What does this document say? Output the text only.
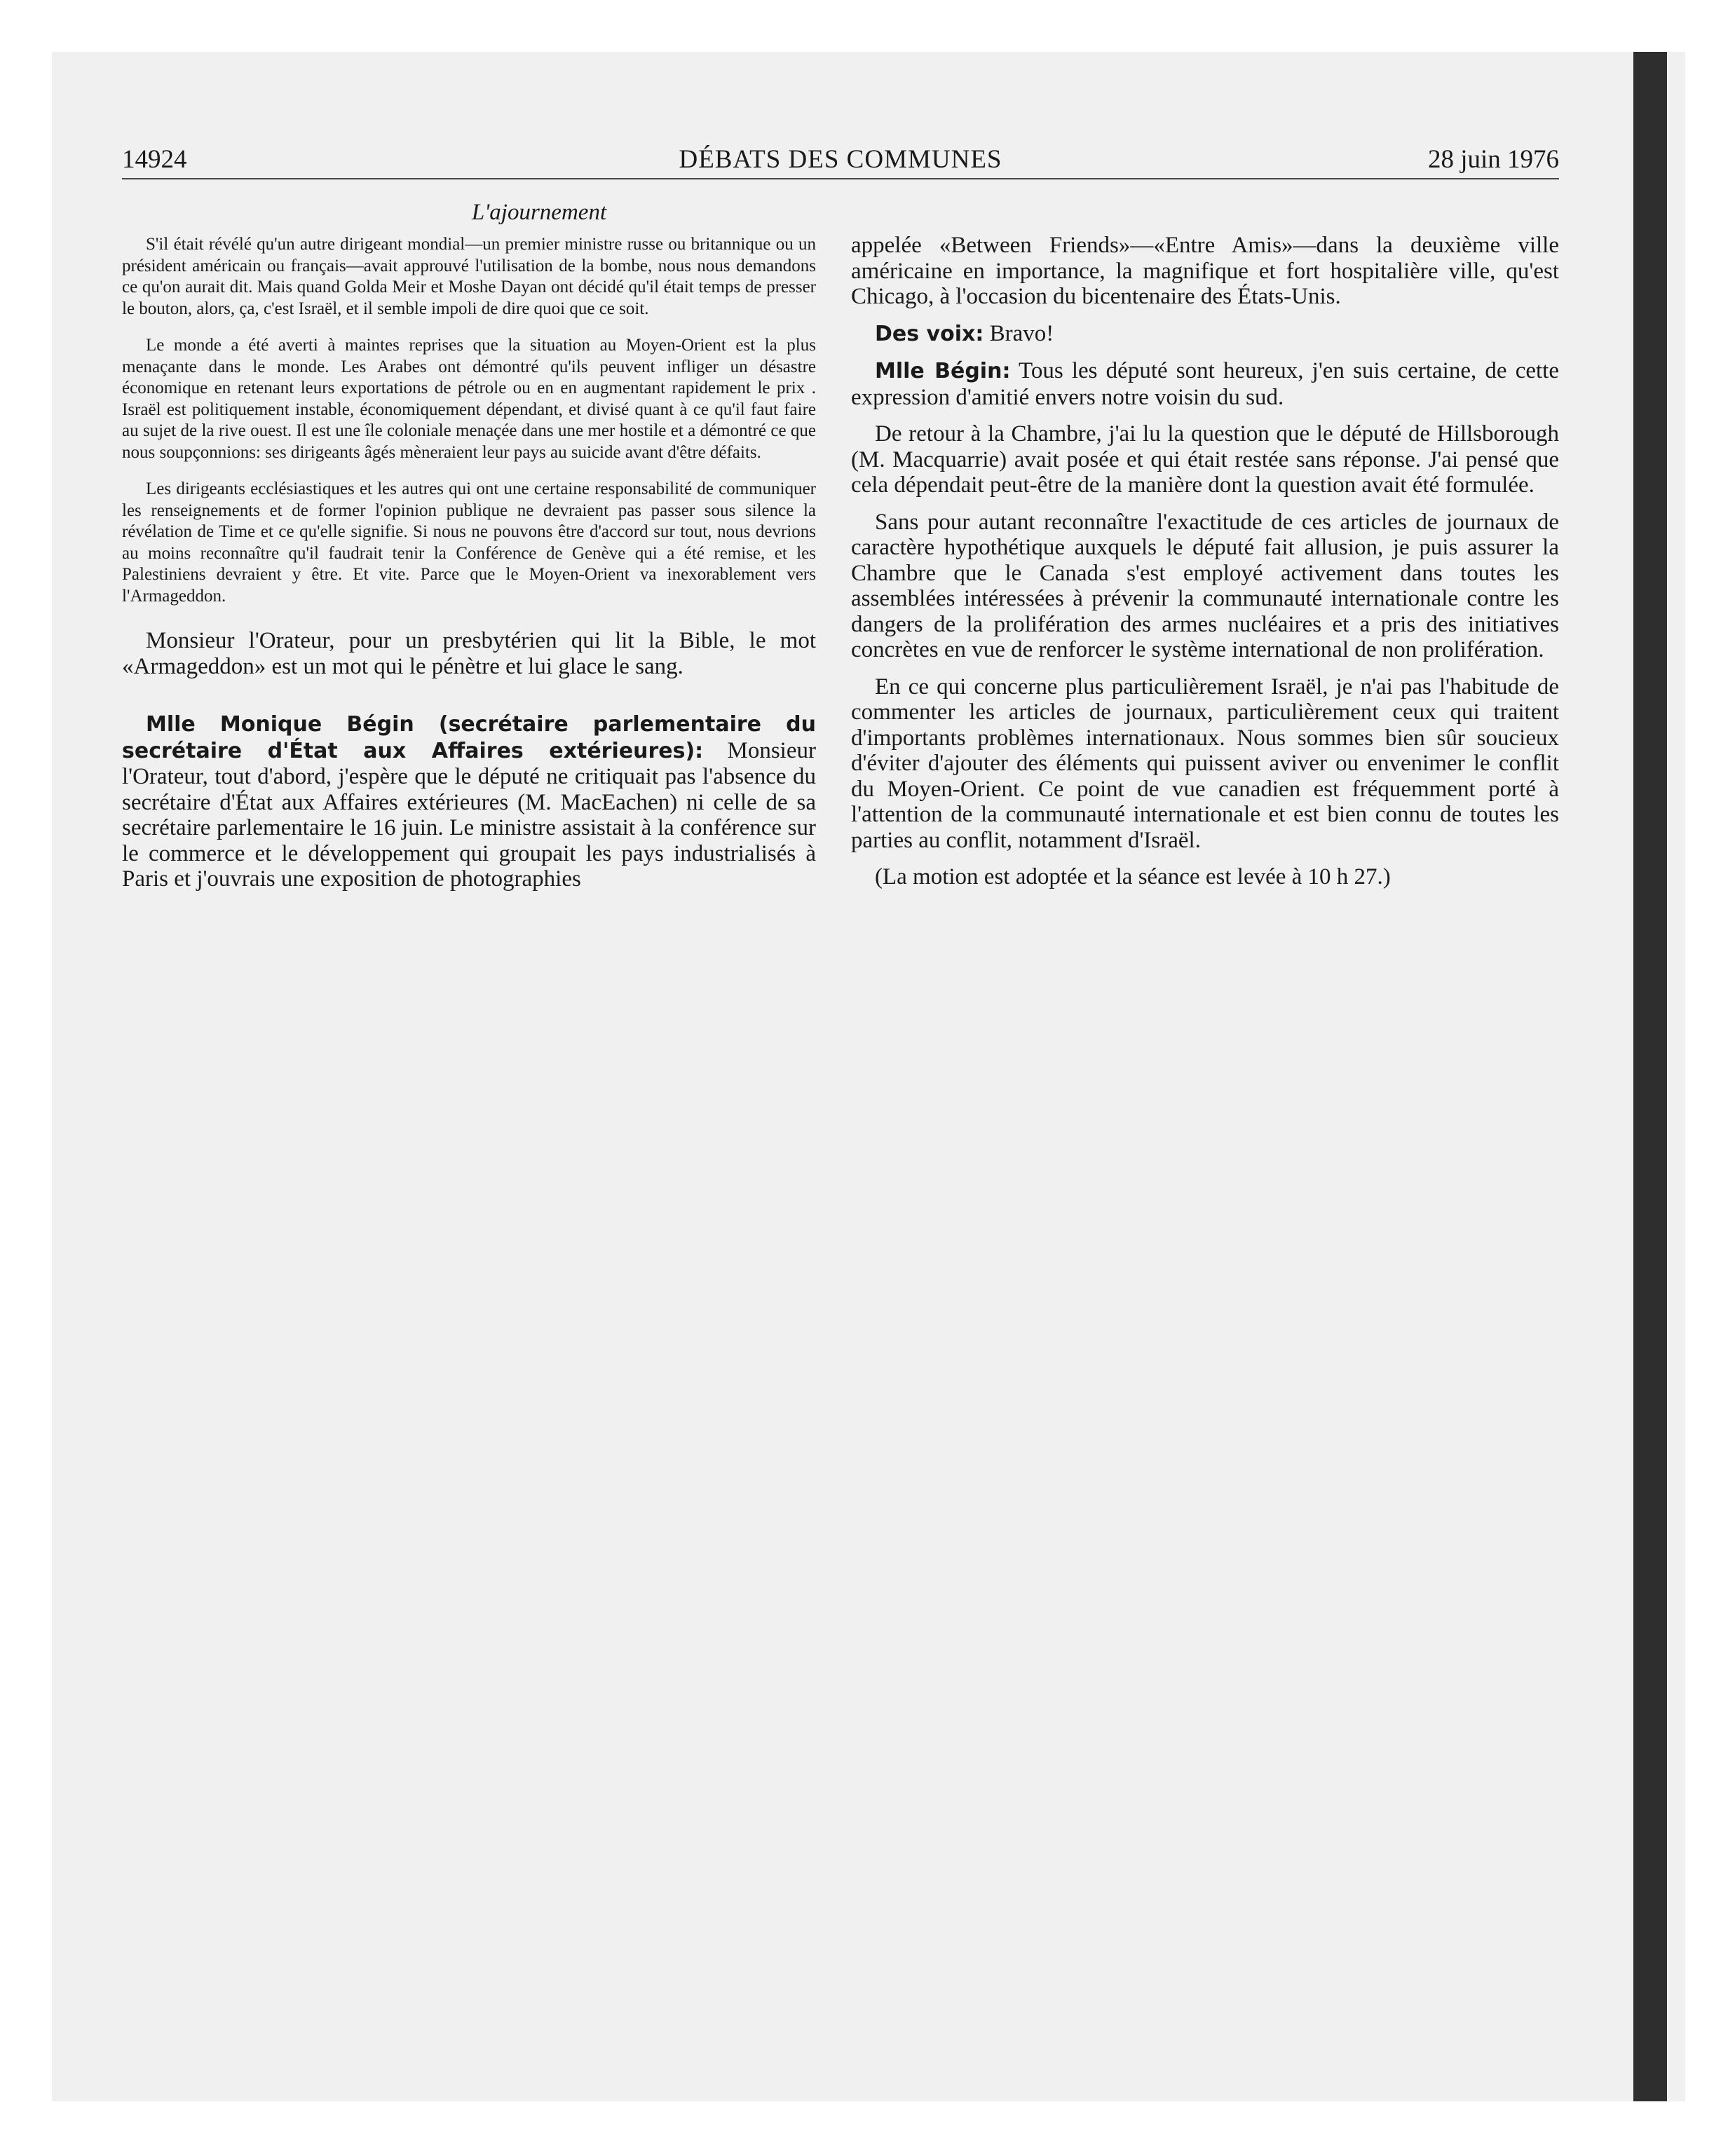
14924	DÉBATS DES COMMUNES	28 juin 1976
L'ajournement

S'il était révélé qu'un autre dirigeant mondial—un premier ministre russe ou britannique ou un président américain ou français—avait approuvé l'utilisation de la bombe, nous nous demandons ce qu'on aurait dit. Mais quand Golda Meir et Moshe Dayan ont décidé qu'il était temps de presser le bouton, alors, ça, c'est Israël, et il semble impoli de dire quoi que ce soit.

Le monde a été averti à maintes reprises que la situation au Moyen-Orient est la plus menaçante dans le monde. Les Arabes ont démontré qu'ils peuvent infliger un désastre économique en retenant leurs exportations de pétrole ou en en augmentant rapidement le prix . Israël est politiquement instable, économiquement dépendant, et divisé quant à ce qu'il faut faire au sujet de la rive ouest. Il est une île coloniale menaçée dans une mer hostile et a démontré ce que nous soupçonnions: ses dirigeants âgés mèneraient leur pays au suicide avant d'être défaits.

Les dirigeants ecclésiastiques et les autres qui ont une certaine responsabilité de communiquer les renseignements et de former l'opinion publique ne devraient pas passer sous silence la révélation de Time et ce qu'elle signifie. Si nous ne pouvons être d'accord sur tout, nous devrions au moins reconnaître qu'il faudrait tenir la Conférence de Genève qui a été remise, et les Palestiniens devraient y être. Et vite. Parce que le Moyen-Orient va inexorablement vers l'Armageddon.

Monsieur l'Orateur, pour un presbytérien qui lit la Bible, le mot «Armageddon» est un mot qui le pénètre et lui glace le sang.

Mlle Monique Bégin (secrétaire parlementaire du secrétaire d'État aux Affaires extérieures): Monsieur l'Orateur, tout d'abord, j'espère que le député ne critiquait pas l'absence du secrétaire d'État aux Affaires extérieures (M. MacEachen) ni celle de sa secrétaire parlementaire le 16 juin. Le ministre assistait à la conférence sur le commerce et le développement qui groupait les pays industrialisés à Paris et j'ouvrais une exposition de photographies

appelée «Between Friends»—«Entre Amis»—dans la deuxième ville américaine en importance, la magnifique et fort hospitalière ville, qu'est Chicago, à l'occasion du bicentenaire des États-Unis.

Des voix: Bravo!

Mlle Bégin: Tous les député sont heureux, j'en suis certaine, de cette expression d'amitié envers notre voisin du sud.

De retour à la Chambre, j'ai lu la question que le député de Hillsborough (M. Macquarrie) avait posée et qui était restée sans réponse. J'ai pensé que cela dépendait peut-être de la manière dont la question avait été formulée.

Sans pour autant reconnaître l'exactitude de ces articles de journaux de caractère hypothétique auxquels le député fait allusion, je puis assurer la Chambre que le Canada s'est employé activement dans toutes les assemblées intéressées à prévenir la communauté internationale contre les dangers de la prolifération des armes nucléaires et a pris des initiatives concrètes en vue de renforcer le système international de non prolifération.

En ce qui concerne plus particulièrement Israël, je n'ai pas l'habitude de commenter les articles de journaux, particulièrement ceux qui traitent d'importants problèmes internationaux. Nous sommes bien sûr soucieux d'éviter d'ajouter des éléments qui puissent aviver ou envenimer le conflit du Moyen-Orient. Ce point de vue canadien est fréquemment porté à l'attention de la communauté internationale et est bien connu de toutes les parties au conflit, notamment d'Israël.

(La motion est adoptée et la séance est levée à 10 h 27.)
